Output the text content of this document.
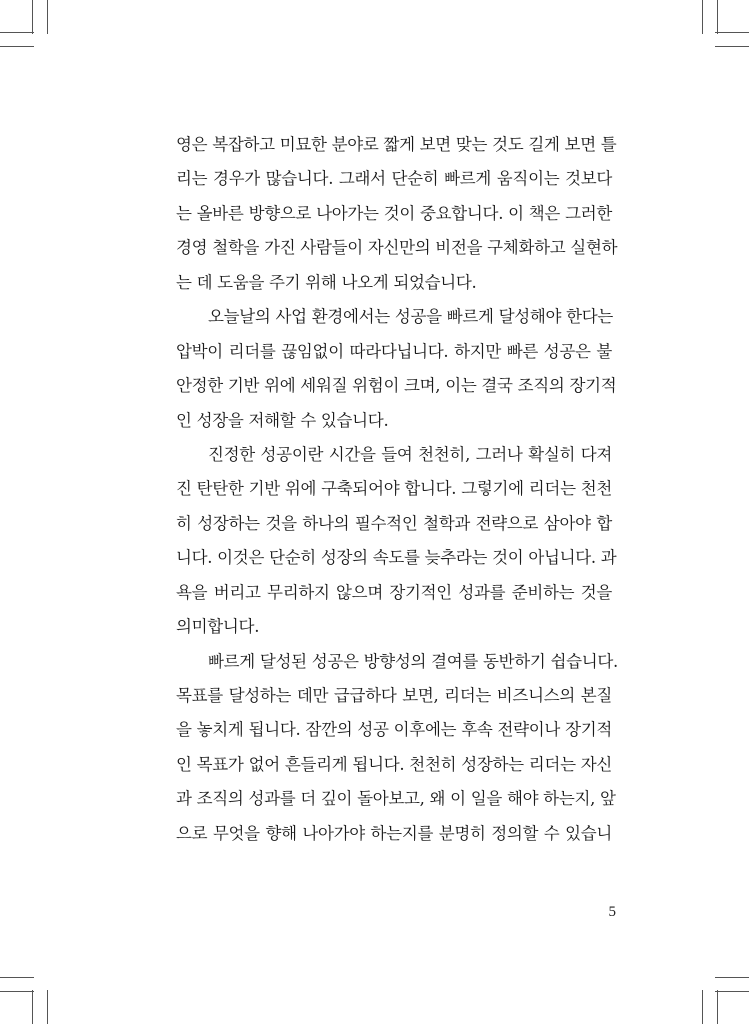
영은 복잡하고 미묘한 분야로 짧게 보면 맞는 것도 길게 보면 틀
리는 경우가 많습니다. 그래서 단순히 빠르게 움직이는 것보다
는 올바른 방향으로 나아가는 것이 중요합니다. 이 책은 그러한
경영 철학을 가진 사람들이 자신만의 비전을 구체화하고 실현하
는 데 도움을 주기 위해 나오게 되었습니다.
오늘날의 사업 환경에서는 성공을 빠르게 달성해야 한다는
압박이 리더를 끊임없이 따라다닙니다. 하지만 빠른 성공은 불
안정한 기반 위에 세워질 위험이 크며, 이는 결국 조직의 장기적
인 성장을 저해할 수 있습니다.
진정한 성공이란 시간을 들여 천천히, 그러나 확실히 다져
진 탄탄한 기반 위에 구축되어야 합니다. 그렇기에 리더는 천천
히 성장하는 것을 하나의 필수적인 철학과 전략으로 삼아야 합
니다. 이것은 단순히 성장의 속도를 늦추라는 것이 아닙니다. 과
욕을 버리고 무리하지 않으며 장기적인 성과를 준비하는 것을
의미합니다.
빠르게 달성된 성공은 방향성의 결여를 동반하기 쉽습니다.
목표를 달성하는 데만 급급하다 보면, 리더는 비즈니스의 본질
을 놓치게 됩니다. 잠깐의 성공 이후에는 후속 전략이나 장기적
인 목표가 없어 흔들리게 됩니다. 천천히 성장하는 리더는 자신
과 조직의 성과를 더 깊이 돌아보고, 왜 이 일을 해야 하는지, 앞
으로 무엇을 향해 나아가야 하는지를 분명히 정의할 수 있습니
5
